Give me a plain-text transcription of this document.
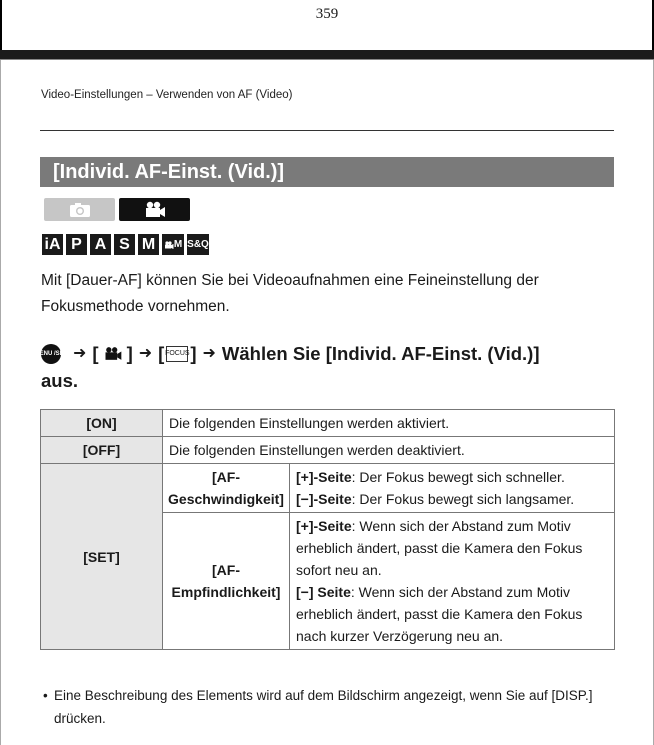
359
Video-Einstellungen – Verwenden von AF (Video)
[Individ. AF-Einst. (Vid.)]
iA P A S M	M S&Q
Mit [Dauer-AF] können Sie bei Videoaufnahmen eine Feineinstellung der Fokusmethode vornehmen.
MENU /SET ➜ [ ] ➜ [ FOCUS ] ➜ Wählen Sie [Individ. AF-Einst. (Vid.)]
aus.
[ON]	Die folgenden Einstellungen werden aktiviert.	
[OFF]	Die folgenden Einstellungen werden deaktiviert.	
[SET]	[AF-Geschwindigkeit]	[+]-Seite: Der Fokus bewegt sich schneller.
[−]-Seite: Der Fokus bewegt sich langsamer.
	[AF-Empfindlichkeit]	[+]-Seite: Wenn sich der Abstand zum Motiv erheblich ändert, passt die Kamera den Fokus sofort neu an.
[−] Seite: Wenn sich der Abstand zum Motiv erheblich ändert, passt die Kamera den Fokus nach kurzer Verzögerung neu an.
• Eine Beschreibung des Elements wird auf dem Bildschirm angezeigt, wenn Sie auf [DISP.] drücken.
